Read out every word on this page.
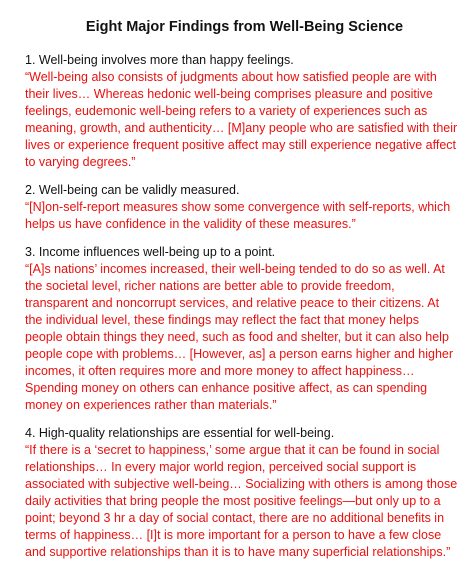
Eight Major Findings from Well-Being Science

1. Well-being involves more than happy feelings.

“Well-being also consists of judgments about how satisfied people are with their lives… Whereas hedonic well-being comprises pleasure and positive feelings, eudemonic well-being refers to a variety of experiences such as meaning, growth, and authenticity… [M]any people who are satisfied with their lives or experience frequent positive affect may still experience negative affect to varying degrees.”

2. Well-being can be validly measured.

“[N]on-self-report measures show some convergence with self-reports, which helps us have confidence in the validity of these measures.”

3. Income influences well-being up to a point.

“[A]s nations’ incomes increased, their well-being tended to do so as well. At the societal level, richer nations are better able to provide freedom, transparent and noncorrupt services, and relative peace to their citizens. At the individual level, these findings may reflect the fact that money helps people obtain things they need, such as food and shelter, but it can also help people cope with problems… [However, as] a person earns higher and higher incomes, it often requires more and more money to affect happiness… Spending money on others can enhance positive affect, as can spending money on experiences rather than materials.”

4. High-quality relationships are essential for well-being.

“If there is a ‘secret to happiness,’ some argue that it can be found in social relationships… In every major world region, perceived social support is associated with subjective well-being… Socializing with others is among those daily activities that bring people the most positive feelings—but only up to a point; beyond 3 hr a day of social contact, there are no additional benefits in terms of happiness… [I]t is more important for a person to have a few close and supportive relationships than it is to have many superficial relationships.”
